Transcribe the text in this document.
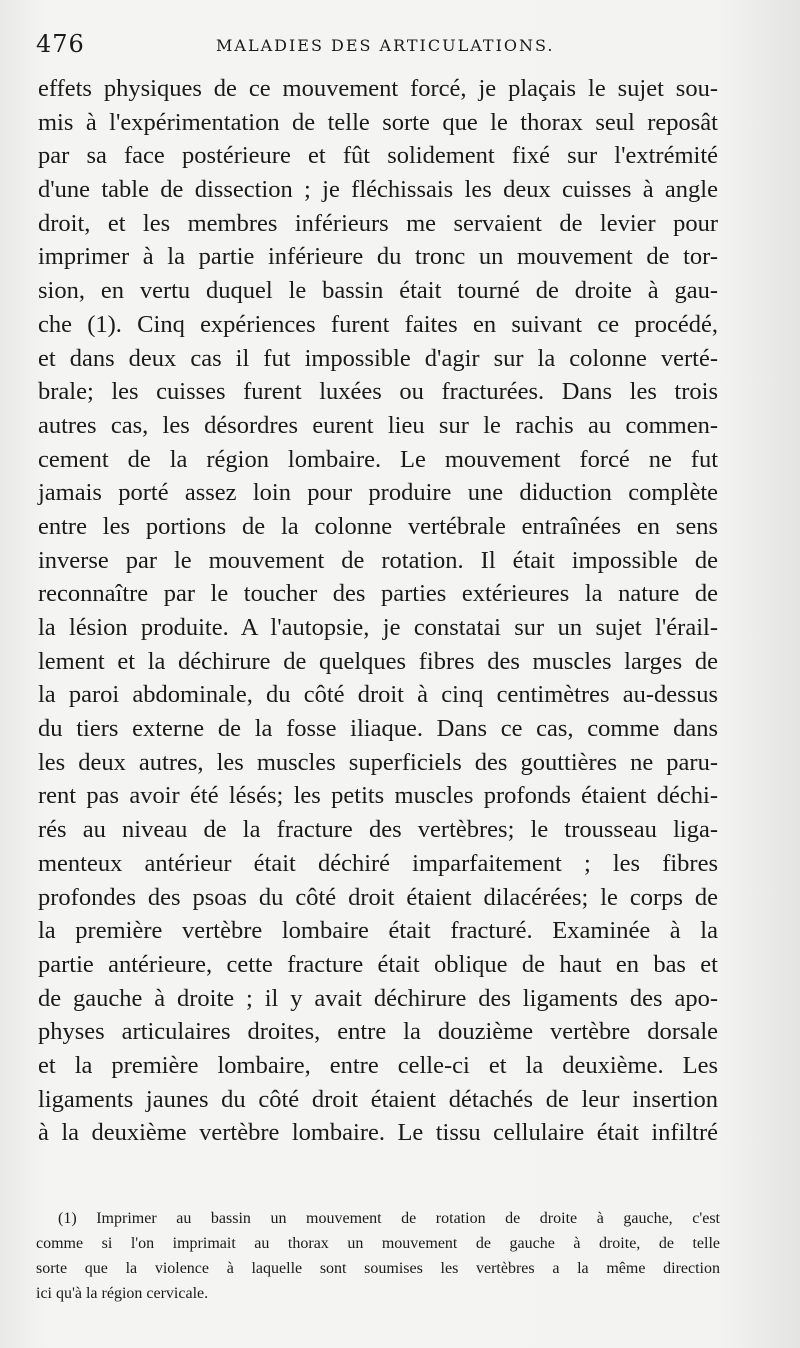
476	MALADIES DES ARTICULATIONS.
effets physiques de ce mouvement forcé, je plaçais le sujet sou-
mis à l'expérimentation de telle sorte que le thorax seul reposât
par sa face postérieure et fût solidement fixé sur l'extrémité
d'une table de dissection ; je fléchissais les deux cuisses à angle
droit, et les membres inférieurs me servaient de levier pour
imprimer à la partie inférieure du tronc un mouvement de tor-
sion, en vertu duquel le bassin était tourné de droite à gau-
che (1). Cinq expériences furent faites en suivant ce procédé,
et dans deux cas il fut impossible d'agir sur la colonne verté-
brale; les cuisses furent luxées ou fracturées. Dans les trois
autres cas, les désordres eurent lieu sur le rachis au commen-
cement de la région lombaire. Le mouvement forcé ne fut
jamais porté assez loin pour produire une diduction complète
entre les portions de la colonne vertébrale entraînées en sens
inverse par le mouvement de rotation. Il était impossible de
reconnaître par le toucher des parties extérieures la nature de
la lésion produite. A l'autopsie, je constatai sur un sujet l'érail-
lement et la déchirure de quelques fibres des muscles larges de
la paroi abdominale, du côté droit à cinq centimètres au-dessus
du tiers externe de la fosse iliaque. Dans ce cas, comme dans
les deux autres, les muscles superficiels des gouttières ne paru-
rent pas avoir été lésés; les petits muscles profonds étaient déchi-
rés au niveau de la fracture des vertèbres; le trousseau liga-
menteux antérieur était déchiré imparfaitement ; les fibres
profondes des psoas du côté droit étaient dilacérées; le corps de
la première vertèbre lombaire était fracturé. Examinée à la
partie antérieure, cette fracture était oblique de haut en bas et
de gauche à droite ; il y avait déchirure des ligaments des apo-
physes articulaires droites, entre la douzième vertèbre dorsale
et la première lombaire, entre celle-ci et la deuxième. Les
ligaments jaunes du côté droit étaient détachés de leur insertion
à la deuxième vertèbre lombaire. Le tissu cellulaire était infiltré
(1) Imprimer au bassin un mouvement de rotation de droite à gauche, c'est
comme si l'on imprimait au thorax un mouvement de gauche à droite, de telle
sorte que la violence à laquelle sont soumises les vertèbres a la même direction
ici qu'à la région cervicale.
